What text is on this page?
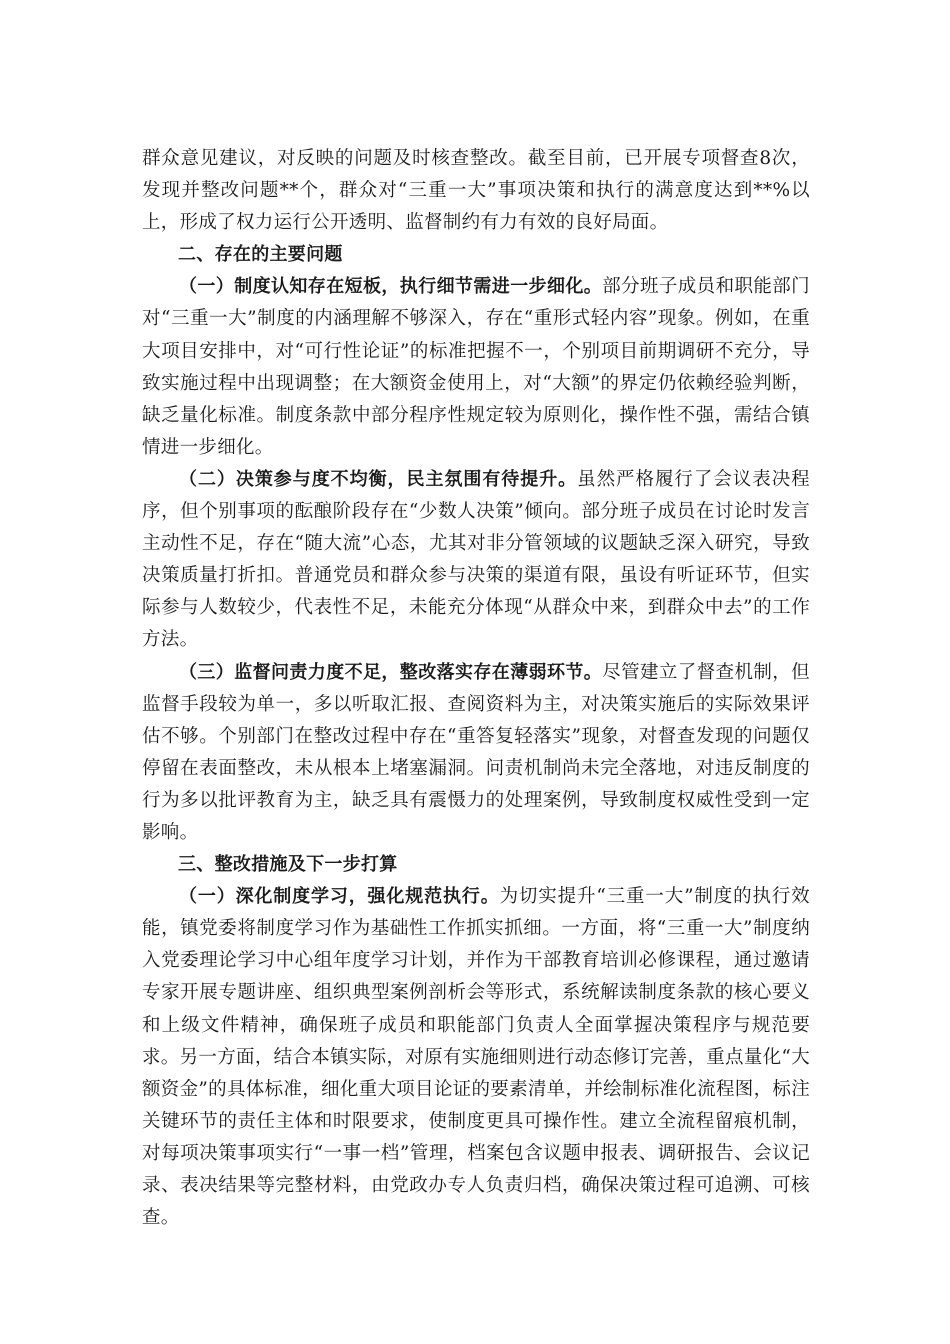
群众意见建议，对反映的问题及时核查整改。截至目前，已开展专项督查8次，发现并整改问题**个，群众对“三重一大”事项决策和执行的满意度达到**%以上，形成了权力运行公开透明、监督制约有力有效的良好局面。

二、存在的主要问题

（一）制度认知存在短板，执行细节需进一步细化。部分班子成员和职能部门对“三重一大”制度的内涵理解不够深入，存在“重形式轻内容”现象。例如，在重大项目安排中，对“可行性论证”的标准把握不一，个别项目前期调研不充分，导致实施过程中出现调整；在大额资金使用上，对“大额”的界定仍依赖经验判断，缺乏量化标准。制度条款中部分程序性规定较为原则化，操作性不强，需结合镇情进一步细化。

（二）决策参与度不均衡，民主氛围有待提升。虽然严格履行了会议表决程序，但个别事项的酝酿阶段存在“少数人决策”倾向。部分班子成员在讨论时发言主动性不足，存在“随大流”心态，尤其对非分管领域的议题缺乏深入研究，导致决策质量打折扣。普通党员和群众参与决策的渠道有限，虽设有听证环节，但实际参与人数较少，代表性不足，未能充分体现“从群众中来，到群众中去”的工作方法。

（三）监督问责力度不足，整改落实存在薄弱环节。尽管建立了督查机制，但监督手段较为单一，多以听取汇报、查阅资料为主，对决策实施后的实际效果评估不够。个别部门在整改过程中存在“重答复轻落实”现象，对督查发现的问题仅停留在表面整改，未从根本上堵塞漏洞。问责机制尚未完全落地，对违反制度的行为多以批评教育为主，缺乏具有震慑力的处理案例，导致制度权威性受到一定影响。

三、整改措施及下一步打算

（一）深化制度学习，强化规范执行。为切实提升“三重一大”制度的执行效能，镇党委将制度学习作为基础性工作抓实抓细。一方面，将“三重一大”制度纳入党委理论学习中心组年度学习计划，并作为干部教育培训必修课程，通过邀请专家开展专题讲座、组织典型案例剖析会等形式，系统解读制度条款的核心要义和上级文件精神，确保班子成员和职能部门负责人全面掌握决策程序与规范要求。另一方面，结合本镇实际，对原有实施细则进行动态修订完善，重点量化“大额资金”的具体标准，细化重大项目论证的要素清单，并绘制标准化流程图，标注关键环节的责任主体和时限要求，使制度更具可操作性。建立全流程留痕机制，对每项决策事项实行“一事一档”管理，档案包含议题申报表、调研报告、会议记录、表决结果等完整材料，由党政办专人负责归档，确保决策过程可追溯、可核查。
